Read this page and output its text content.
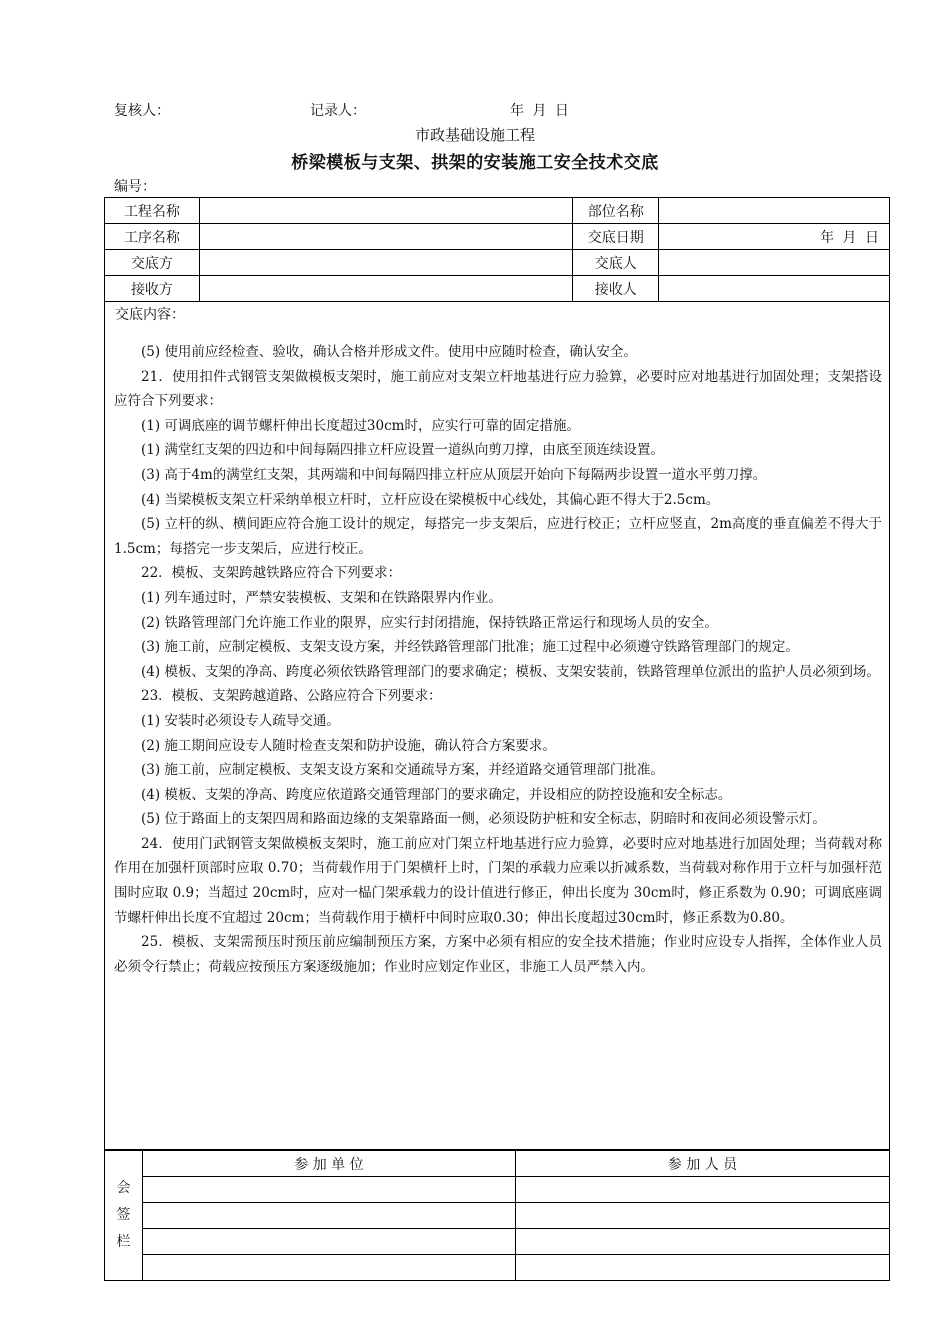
复核人：	记录人：	年 月 日
市政基础设施工程
桥梁模板与支架、拱架的安装施工安全技术交底
编号：
工程名称		部位名称	
工序名称		交底日期	年 月 日
交底方		交底人	
接收方		接收人	
交底内容：

(5) 使用前应经检查、验收，确认合格并形成文件。使用中应随时检查，确认安全。

21．使用扣件式钢管支架做模板支架时，施工前应对支架立杆地基进行应力验算，必要时应对地基进行加固处理；支架搭设应符合下列要求：

(1) 可调底座的调节螺杆伸出长度超过30cm时，应实行可靠的固定措施。

(1) 满堂红支架的四边和中间每隔四排立杆应设置一道纵向剪刀撑，由底至顶连续设置。

(3) 高于4m的满堂红支架，其两端和中间每隔四排立杆应从顶层开始向下每隔两步设置一道水平剪刀撑。

(4) 当梁模板支架立杆采纳单根立杆时，立杆应设在梁模板中心线处，其偏心距不得大于2.5cm。

(5) 立杆的纵、横间距应符合施工设计的规定，每搭完一步支架后，应进行校正；立杆应竖直，2m高度的垂直偏差不得大于1.5cm；每搭完一步支架后，应进行校正。

22．模板、支架跨越铁路应符合下列要求：

(1) 列车通过时，严禁安装模板、支架和在铁路限界内作业。

(2) 铁路管理部门允许施工作业的限界，应实行封闭措施，保持铁路正常运行和现场人员的安全。

(3) 施工前，应制定模板、支架支设方案，并经铁路管理部门批准；施工过程中必须遵守铁路管理部门的规定。

(4) 模板、支架的净高、跨度必须依铁路管理部门的要求确定；模板、支架安装前，铁路管理单位派出的监护人员必须到场。

23．模板、支架跨越道路、公路应符合下列要求：

(1) 安装时必须设专人疏导交通。

(2) 施工期间应设专人随时检查支架和防护设施，确认符合方案要求。

(3) 施工前，应制定模板、支架支设方案和交通疏导方案，并经道路交通管理部门批准。

(4) 模板、支架的净高、跨度应依道路交通管理部门的要求确定，并设相应的防控设施和安全标志。

(5) 位于路面上的支架四周和路面边缘的支架靠路面一侧，必须设防护桩和安全标志，阴暗时和夜间必须设警示灯。

24．使用门武钢管支架做模板支架时，施工前应对门架立杆地基进行应力验算，必要时应对地基进行加固处理；当荷载对称作用在加强杆顶部时应取 0.70；当荷载作用于门架横杆上时，门架的承载力应乘以折减系数，当荷载对称作用于立杆与加强杆范围时应取 0.9；当超过 20cm时，应对一榀门架承载力的设计值进行修正，伸出长度为 30cm时，修正系数为 0.90；可调底座调节螺杆伸出长度不宜超过 20cm；当荷载作用于横杆中间时应取0.30；伸出长度超过30cm时，修正系数为0.80。

25．模板、支架需预压时预压前应编制预压方案，方案中必须有相应的安全技术措施；作业时应设专人指挥，全体作业人员必须令行禁止；荷载应按预压方案逐级施加；作业时应划定作业区，非施工人员严禁入内。

会
签
栏	参 加 单 位	参 加 人 员
